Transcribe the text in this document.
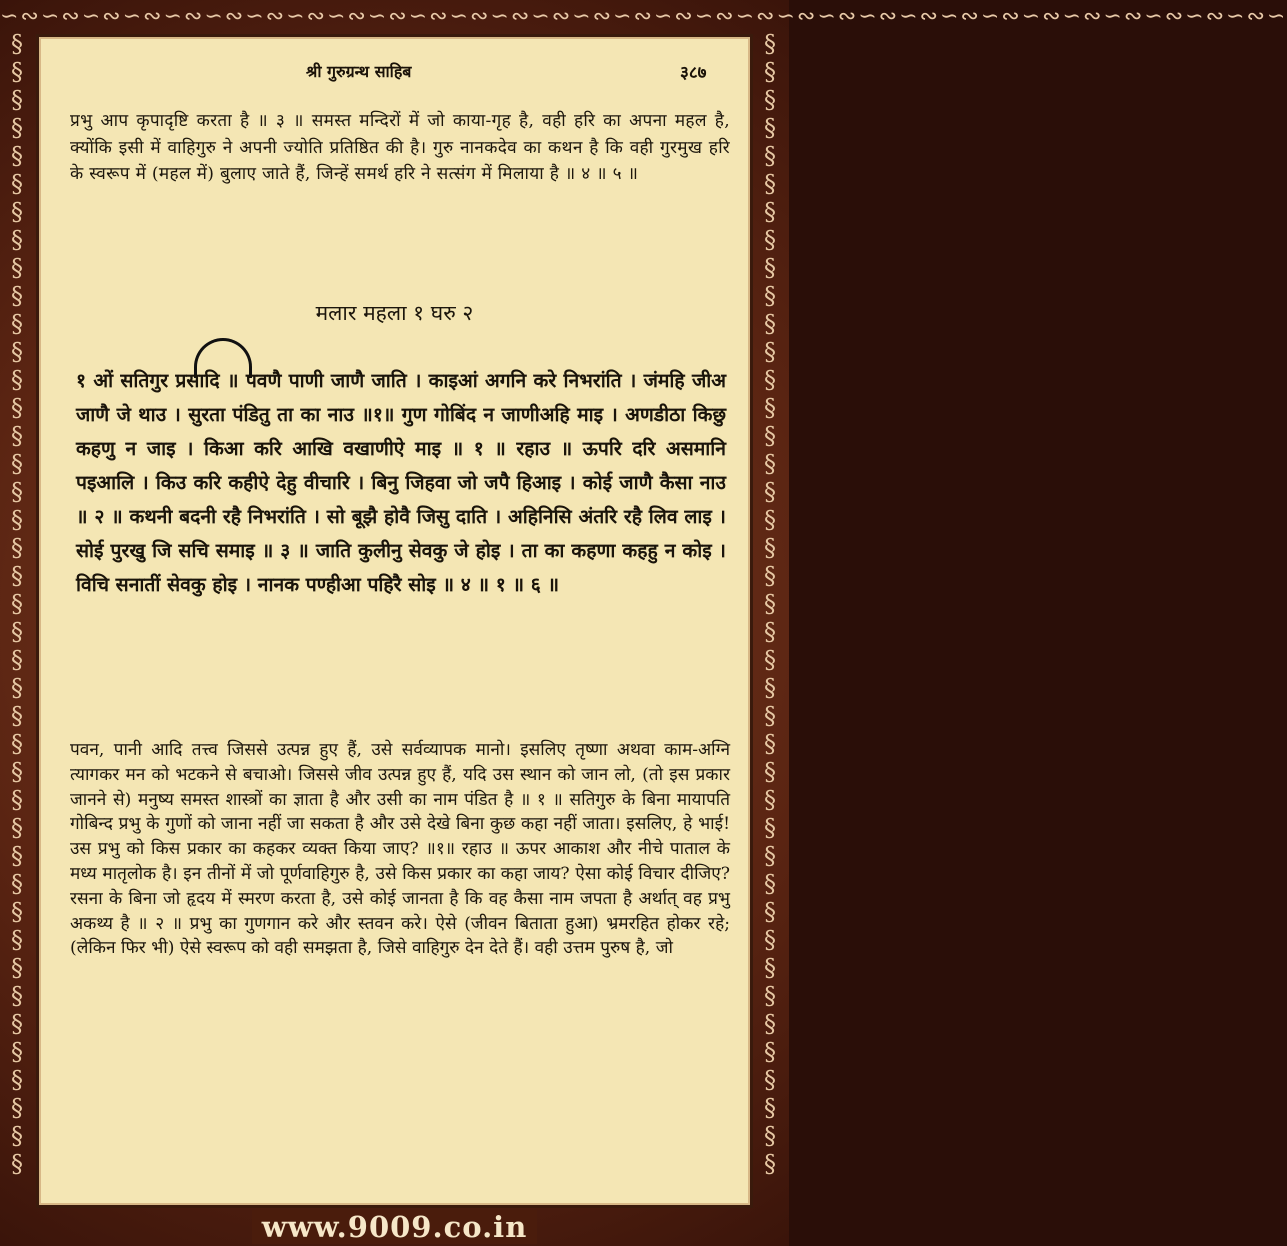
∽∾∽∾∽∾∽∾∽∾∽∾∽∾∽∾∽∾∽∾∽∾∽∾∽∾∽∾∽∾∽∾∽∾∽∾∽∾∽∾∽∾∽∾∽∾∽∾∽∾∽∾∽∾∽∾∽∾∽∾∽∾∽
§
§
§
§
§
§
§
§
§
§
§
§
§
§
§
§
§
§
§
§
§
§
§
§
§
§
§
§
§
§
§
§
§
§
§
§
§
§
§
§
§
§
§
§
§
§
§
§
§
§
§
§
§
§
§
§
§
§
§
§
§
§
§
§
§
§
§
§
§
§
§
§
§
§
§
§
§
§
§
§
§
§
श्री गुरुग्रन्थ साहिब	३८७
प्रभु आप कृपादृष्टि करता है ॥ ३ ॥ समस्त मन्दिरों में जो काया-गृह है, वही हरि का अपना महल है, क्योंकि इसी में वाहिगुरु ने अपनी ज्योति प्रतिष्ठित की है। गुरु नानकदेव का कथन है कि वही गुरमुख हरि के स्वरूप में (महल में) बुलाए जाते हैं, जिन्हें समर्थ हरि ने सत्संग में मिलाया है ॥ ४ ॥ ५ ॥
मलार महला १ घरु २
१ ओं सतिगुर प्रसादि ॥ पवणै पाणी जाणै जाति । काइआं अगनि करे निभरांति । जंमहि जीअ जाणै जे थाउ । सुरता पंडितु ता का नाउ ॥१॥ गुण गोबिंद न जाणीअहि माइ । अणडीठा किछु कहणु न जाइ । किआ करि आखि वखाणीऐ माइ ॥ १ ॥ रहाउ ॥ ऊपरि दरि असमानि पइआलि । किउ करि कहीऐ देहु वीचारि । बिनु जिहवा जो जपै हिआइ । कोई जाणै कैसा नाउ ॥ २ ॥ कथनी बदनी रहै निभरांति । सो बूझै होवै जिसु दाति । अहिनिसि अंतरि रहै लिव लाइ । सोई पुरखु जि सचि समाइ ॥ ३ ॥ जाति कुलीनु सेवकु जे होइ । ता का कहणा कहहु न कोइ । विचि सनातीं सेवकु होइ । नानक पण्हीआ पहिरै सोइ ॥ ४ ॥ १ ॥ ६ ॥
पवन, पानी आदि तत्त्व जिससे उत्पन्न हुए हैं, उसे सर्वव्यापक मानो। इसलिए तृष्णा अथवा काम-अग्नि त्यागकर मन को भटकने से बचाओ। जिससे जीव उत्पन्न हुए हैं, यदि उस स्थान को जान लो, (तो इस प्रकार जानने से) मनुष्य समस्त शास्त्रों का ज्ञाता है और उसी का नाम पंडित है ॥ १ ॥ सतिगुरु के बिना मायापति गोबिन्द प्रभु के गुणों को जाना नहीं जा सकता है और उसे देखे बिना कुछ कहा नहीं जाता। इसलिए, हे भाई! उस प्रभु को किस प्रकार का कहकर व्यक्त किया जाए? ॥१॥ रहाउ ॥ ऊपर आकाश और नीचे पाताल के मध्य मातृलोक है। इन तीनों में जो पूर्णवाहिगुरु है, उसे किस प्रकार का कहा जाय? ऐसा कोई विचार दीजिए? रसना के बिना जो हृदय में स्मरण करता है, उसे कोई जानता है कि वह कैसा नाम जपता है अर्थात् वह प्रभु अकथ्य है ॥ २ ॥ प्रभु का गुणगान करे और स्तवन करे। ऐसे (जीवन बिताता हुआ) भ्रमरहित होकर रहे; (लेकिन फिर भी) ऐसे स्वरूप को वही समझता है, जिसे वाहिगुरु देन देते हैं। वही उत्तम पुरुष है, जो
www.9009.co.in
